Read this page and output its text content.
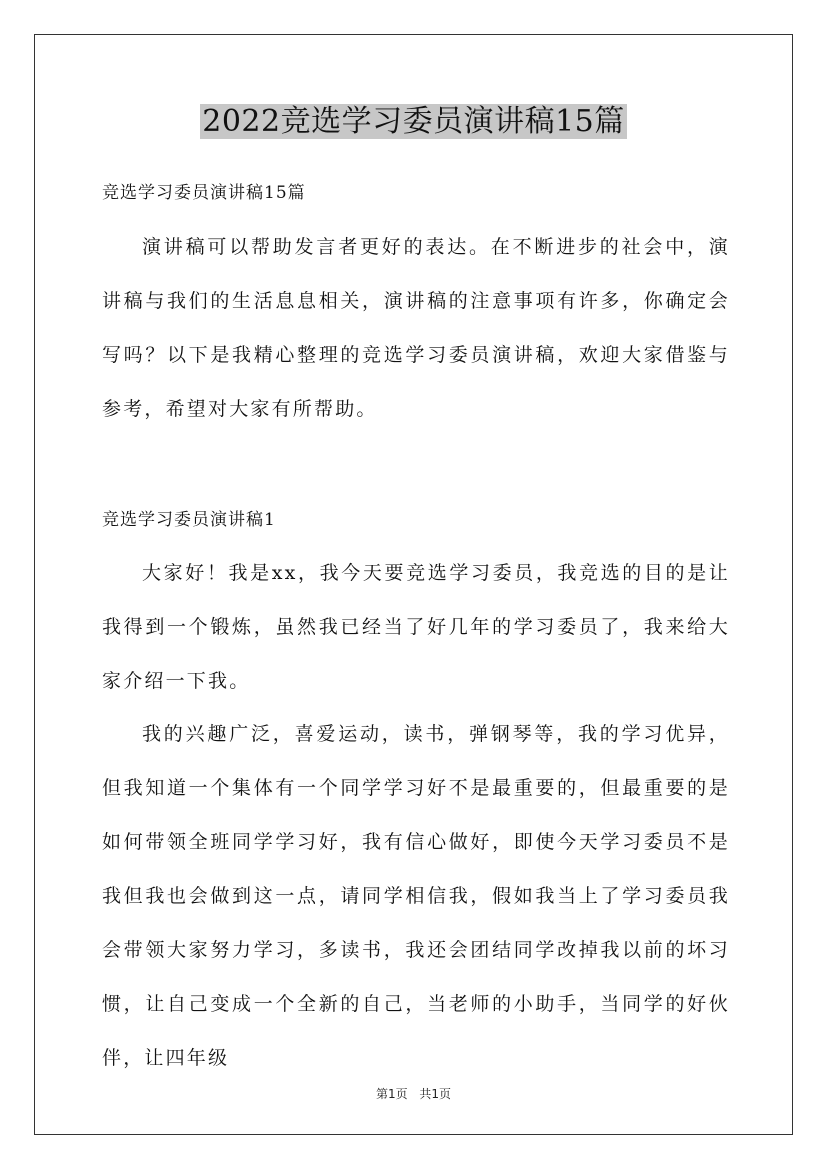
2022竞选学习委员演讲稿15篇

竞选学习委员演讲稿15篇

演讲稿可以帮助发言者更好的表达。在不断进步的社会中，演讲稿与我们的生活息息相关，演讲稿的注意事项有许多，你确定会写吗？以下是我精心整理的竞选学习委员演讲稿，欢迎大家借鉴与参考，希望对大家有所帮助。

竞选学习委员演讲稿1

大家好！我是xx，我今天要竞选学习委员，我竞选的目的是让我得到一个锻炼，虽然我已经当了好几年的学习委员了，我来给大家介绍一下我。

我的兴趣广泛，喜爱运动，读书，弹钢琴等，我的学习优异，但我知道一个集体有一个同学学习好不是最重要的，但最重要的是如何带领全班同学学习好，我有信心做好，即使今天学习委员不是我但我也会做到这一点，请同学相信我，假如我当上了学习委员我会带领大家努力学习，多读书，我还会团结同学改掉我以前的坏习惯，让自己变成一个全新的自己，当老师的小助手，当同学的好伙伴，让四年级

第1页 共1页
